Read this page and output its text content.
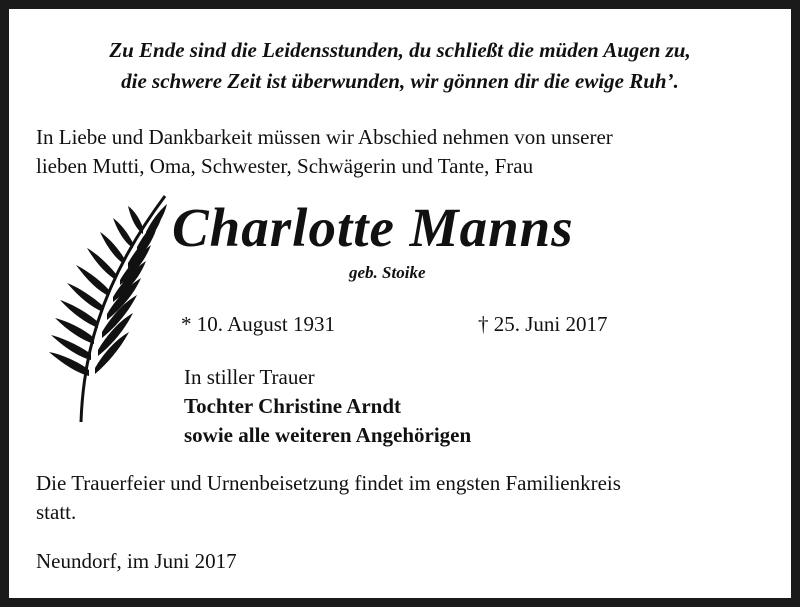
Zu Ende sind die Leidensstunden, du schließt die müden Augen zu,
die schwere Zeit ist überwunden, wir gönnen dir die ewige Ruh’.
In Liebe und Dankbarkeit müssen wir Abschied nehmen von unserer
lieben Mutti, Oma, Schwester, Schwägerin und Tante, Frau
Charlotte Manns
geb. Stoike
* 10. August 1931	† 25. Juni 2017
In stiller Trauer
Tochter Christine Arndt
sowie alle weiteren Angehörigen
Die Trauerfeier und Urnenbeisetzung findet im engsten Familienkreis
statt.
Neundorf, im Juni 2017
